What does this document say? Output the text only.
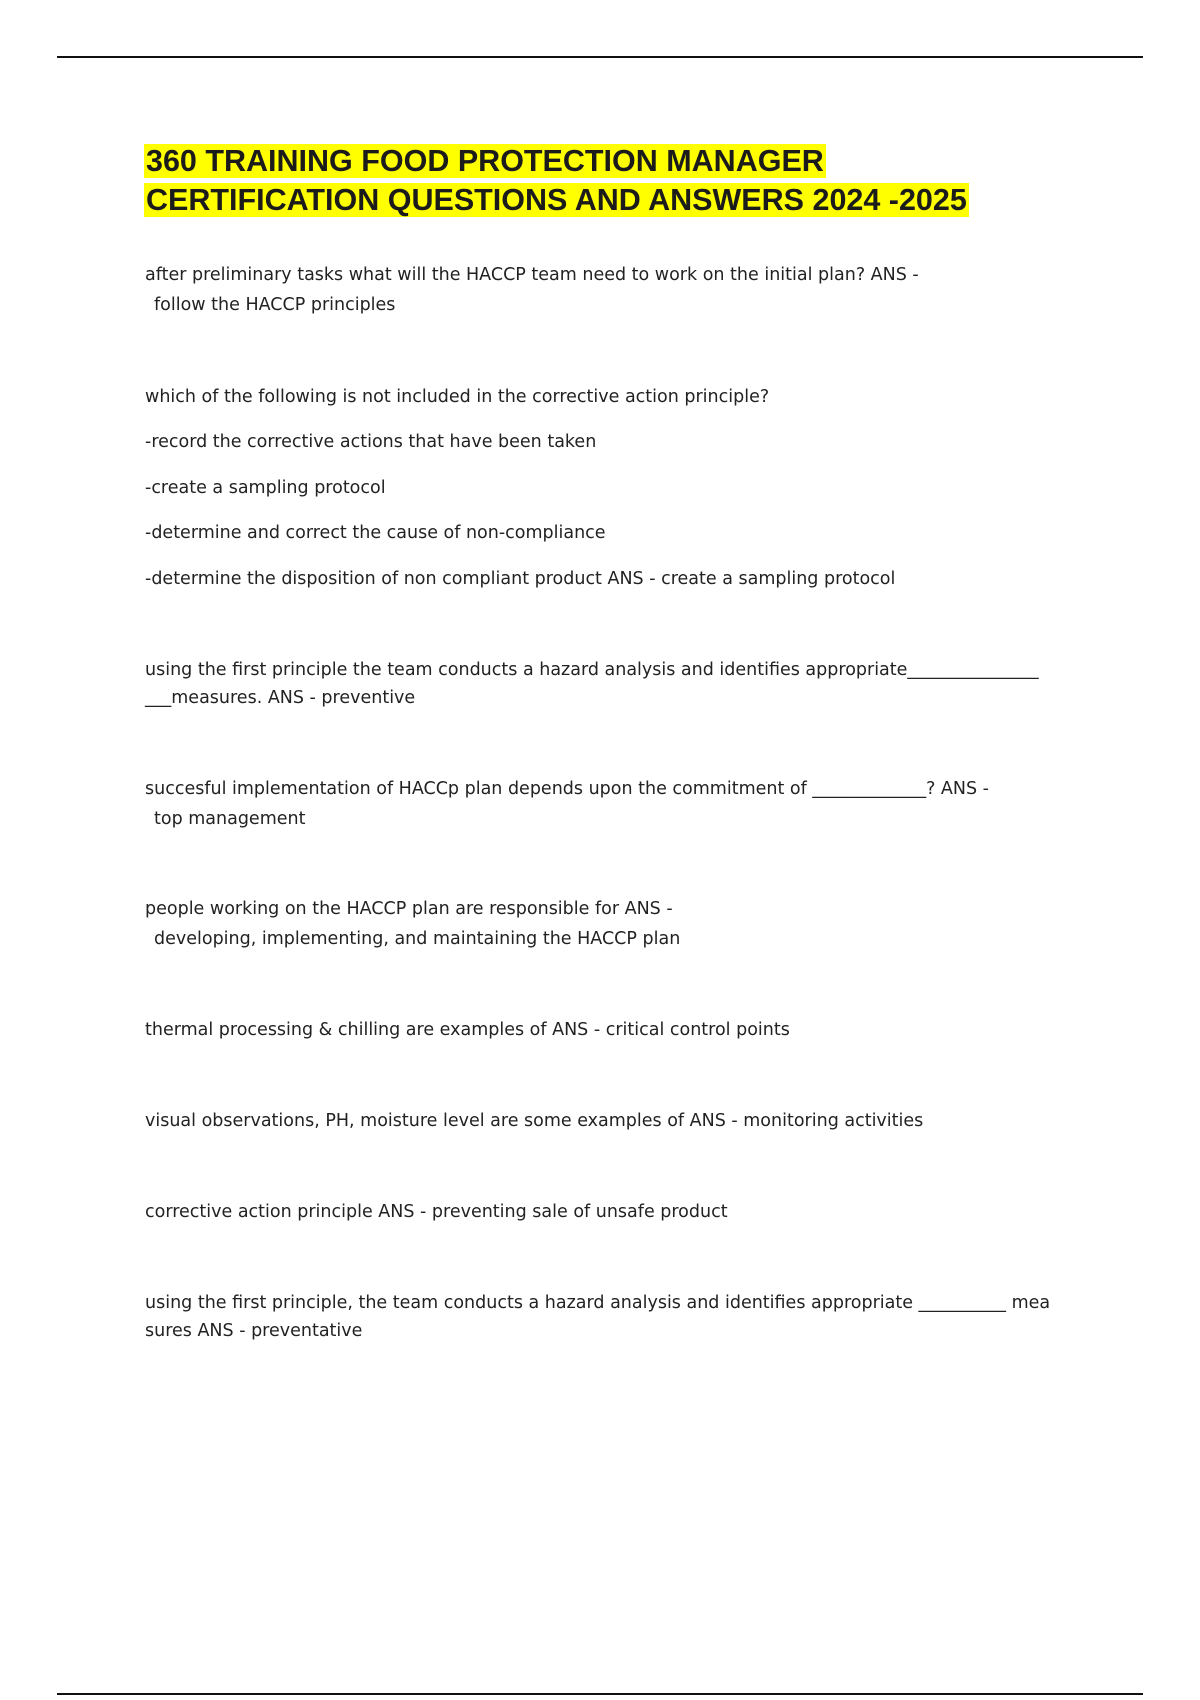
360 TRAINING FOOD PROTECTION MANAGER
CERTIFICATION QUESTIONS AND ANSWERS 2024 -2025
after preliminary tasks what will the HACCP team need to work on the initial plan? ANS -
follow the HACCP principles
which of the following is not included in the corrective action principle?
-record the corrective actions that have been taken
-create a sampling protocol
-determine and correct the cause of non-compliance
-determine the disposition of non compliant product ANS - create a sampling protocol
using the first principle the team conducts a hazard analysis and identifies appropriate_______________
___measures. ANS - preventive
succesful implementation of HACCp plan depends upon the commitment of _____________? ANS -
top management
people working on the HACCP plan are responsible for ANS -
developing, implementing, and maintaining the HACCP plan
thermal processing & chilling are examples of ANS - critical control points
visual observations, PH, moisture level are some examples of ANS - monitoring activities
corrective action principle ANS - preventing sale of unsafe product
using the first principle, the team conducts a hazard analysis and identifies appropriate __________ mea
sures ANS - preventative
